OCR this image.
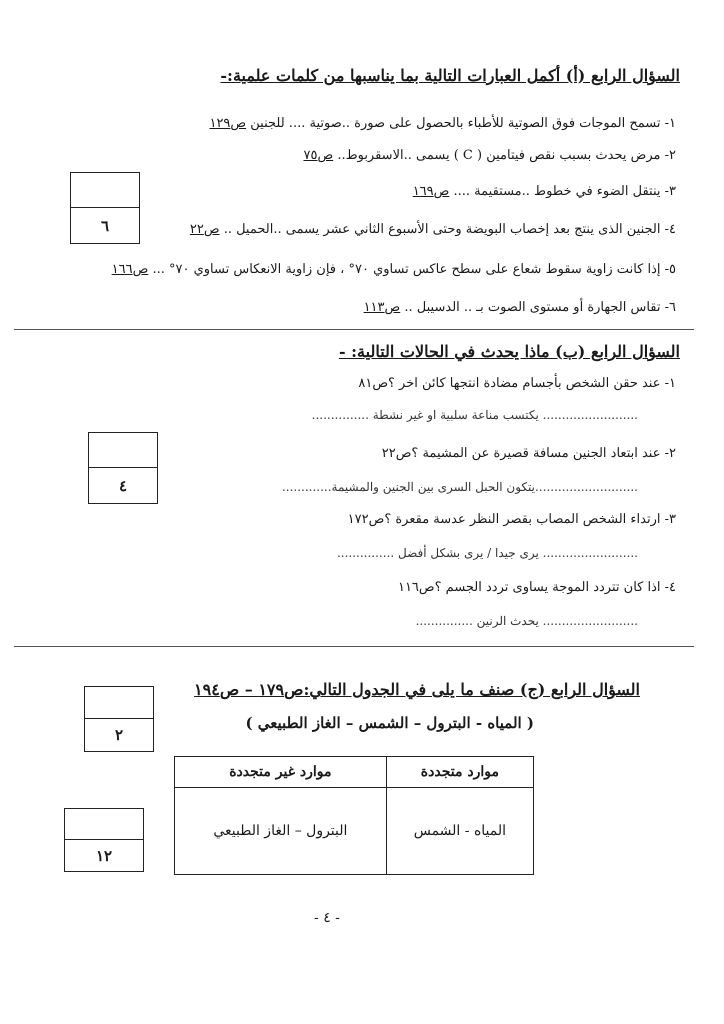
السؤال الرابع (أ) أكمل العبارات التالية بما يناسبها من كلمات علمية:-
١- تسمح الموجات فوق الصوتية للأطباء بالحصول على صورة ..صوتية .... للجنين ص١٢٩
٢- مرض يحدث بسبب نقص فيتامين ( C ) يسمى ..الاسقربوط.. ص٧٥
٣- ينتقل الضوء في خطوط ..مستقيمة .... ص١٦٩
٤- الجنين الذى ينتج بعد إخصاب البويضة وحتى الأسبوع الثاني عشر يسمى ..الحميل .. ص٢٢
٥- إذا كانت زاوية سقوط شعاع على سطح عاكس تساوي ٧٠° ، فإن زاوية الانعكاس تساوي ٧٠° ... ص١٦٦
٦- تقاس الجهارة أو مستوى الصوت بـ .. الدسيبل .. ص١١٣
٦
السؤال الرابع (ب) ماذا يحدث في الحالات التالية: -
١- عند حقن الشخص بأجسام مضادة انتجها كائن اخر ؟ص٨١
......................... يكتسب مناعة سلبية او غير نشطة ...............
٢- عند ابتعاد الجنين مسافة قصيرة عن المشيمة ؟ص٢٢
...........................يتكون الحبل السرى بين الجنين والمشيمة.............
٣- ارتداء الشخص المصاب بقصر النظر عدسة مقعرة ؟ص١٧٢
......................... يرى جيدا / يرى بشكل أفضل ...............
٤- اذا كان تتردد الموجة يساوى تردد الجسم ؟ص١١٦
......................... يحدث الرنين ...............
٤
السؤال الرابع (ج) صنف ما يلى في الجدول التالي:ص١٧٩ – ص١٩٤
( المياه - البترول – الشمس – الغاز الطبيعي )
٢
موارد متجددة	موارد غير متجددة
المياه - الشمس	البترول – الغاز الطبيعي
١٢
- ٤ -
